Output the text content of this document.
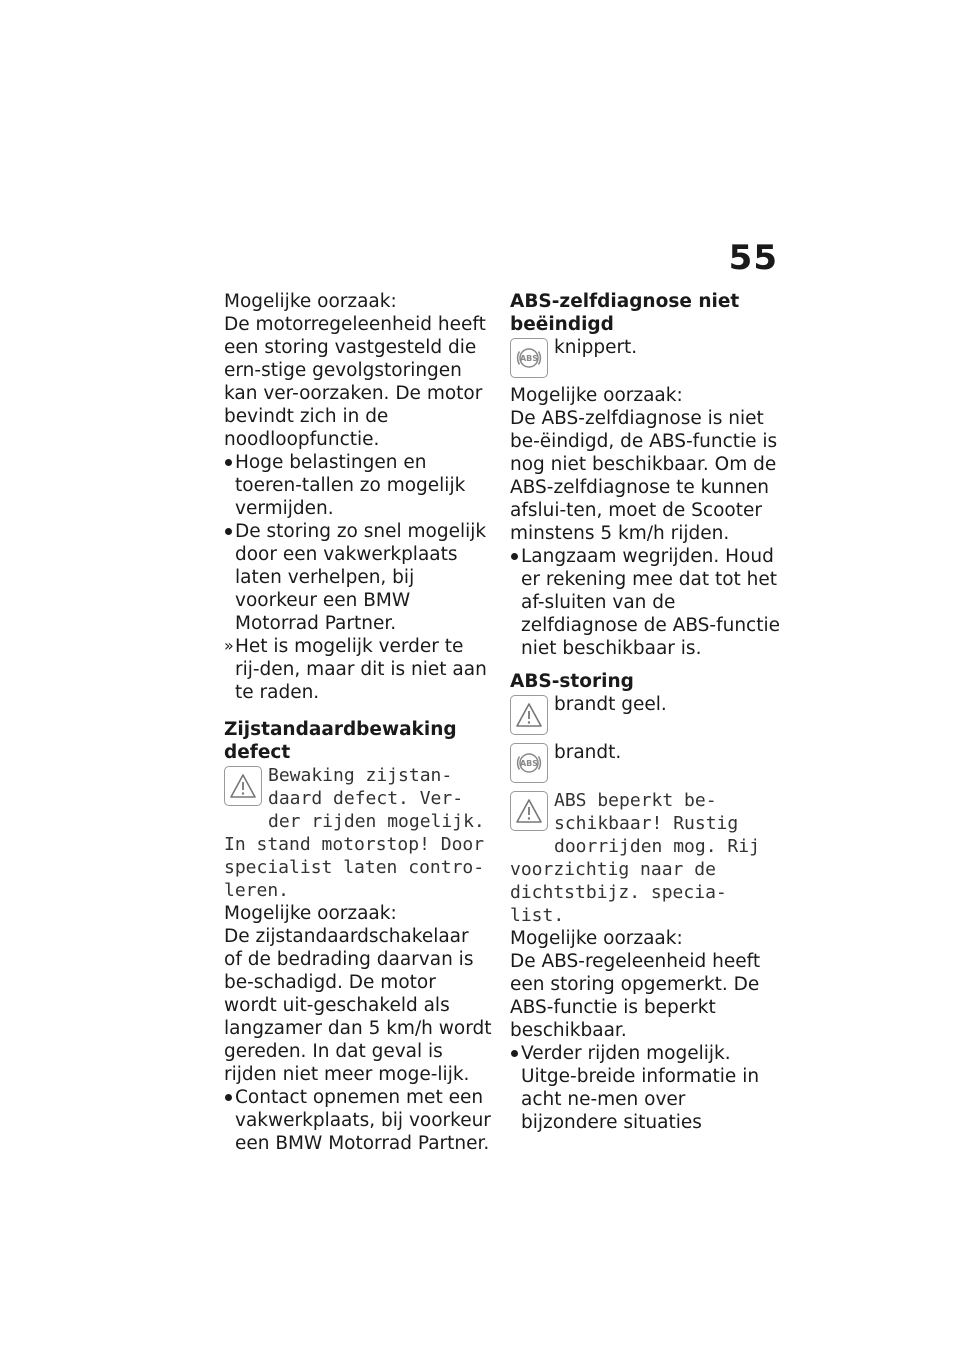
55

Mogelijke oorzaak:

De motorregeleenheid heeft een storing vastgesteld die ern-stige gevolgstoringen kan ver-oorzaken. De motor bevindt zich in de noodloopfunctie.

Hoge belastingen en toeren-tallen zo mogelijk vermijden.
De storing zo snel mogelijk door een vakwerkplaats laten verhelpen, bij voorkeur een BMW Motorrad Partner.
» Het is mogelijk verder te rij-den, maar dit is niet aan te raden.

Zijstandaardbewaking defect

Bewaking zijstan-daard defect. Ver-der rijden mogelijk. In stand motorstop! Door specialist laten contro-leren.

Mogelijke oorzaak:

De zijstandaardschakelaar of de bedrading daarvan is be-schadigd. De motor wordt uit-geschakeld als langzamer dan 5 km/h wordt gereden. In dat geval is rijden niet meer moge-lijk.

Contact opnemen met een vakwerkplaats, bij voorkeur een BMW Motorrad Partner.

ABS-zelfdiagnose niet beëindigd

ABS
knippert.

Mogelijke oorzaak:

De ABS-zelfdiagnose is niet be-ëindigd, de ABS-functie is nog niet beschikbaar. Om de ABS-zelfdiagnose te kunnen afslui-ten, moet de Scooter minstens 5 km/h rijden.

Langzaam wegrijden. Houd er rekening mee dat tot het af-sluiten van de zelfdiagnose de ABS-functie niet beschikbaar is.

ABS-storing

brandt geel.
ABS
brandt.
ABS beperkt be-schikbaar! Rustig doorrijden mog. Rij voorzichtig naar de dichtstbijz. specia-list.

Mogelijke oorzaak:

De ABS-regeleenheid heeft een storing opgemerkt. De ABS-functie is beperkt beschikbaar.

Verder rijden mogelijk. Uitge-breide informatie in acht ne-men over bijzondere situaties
